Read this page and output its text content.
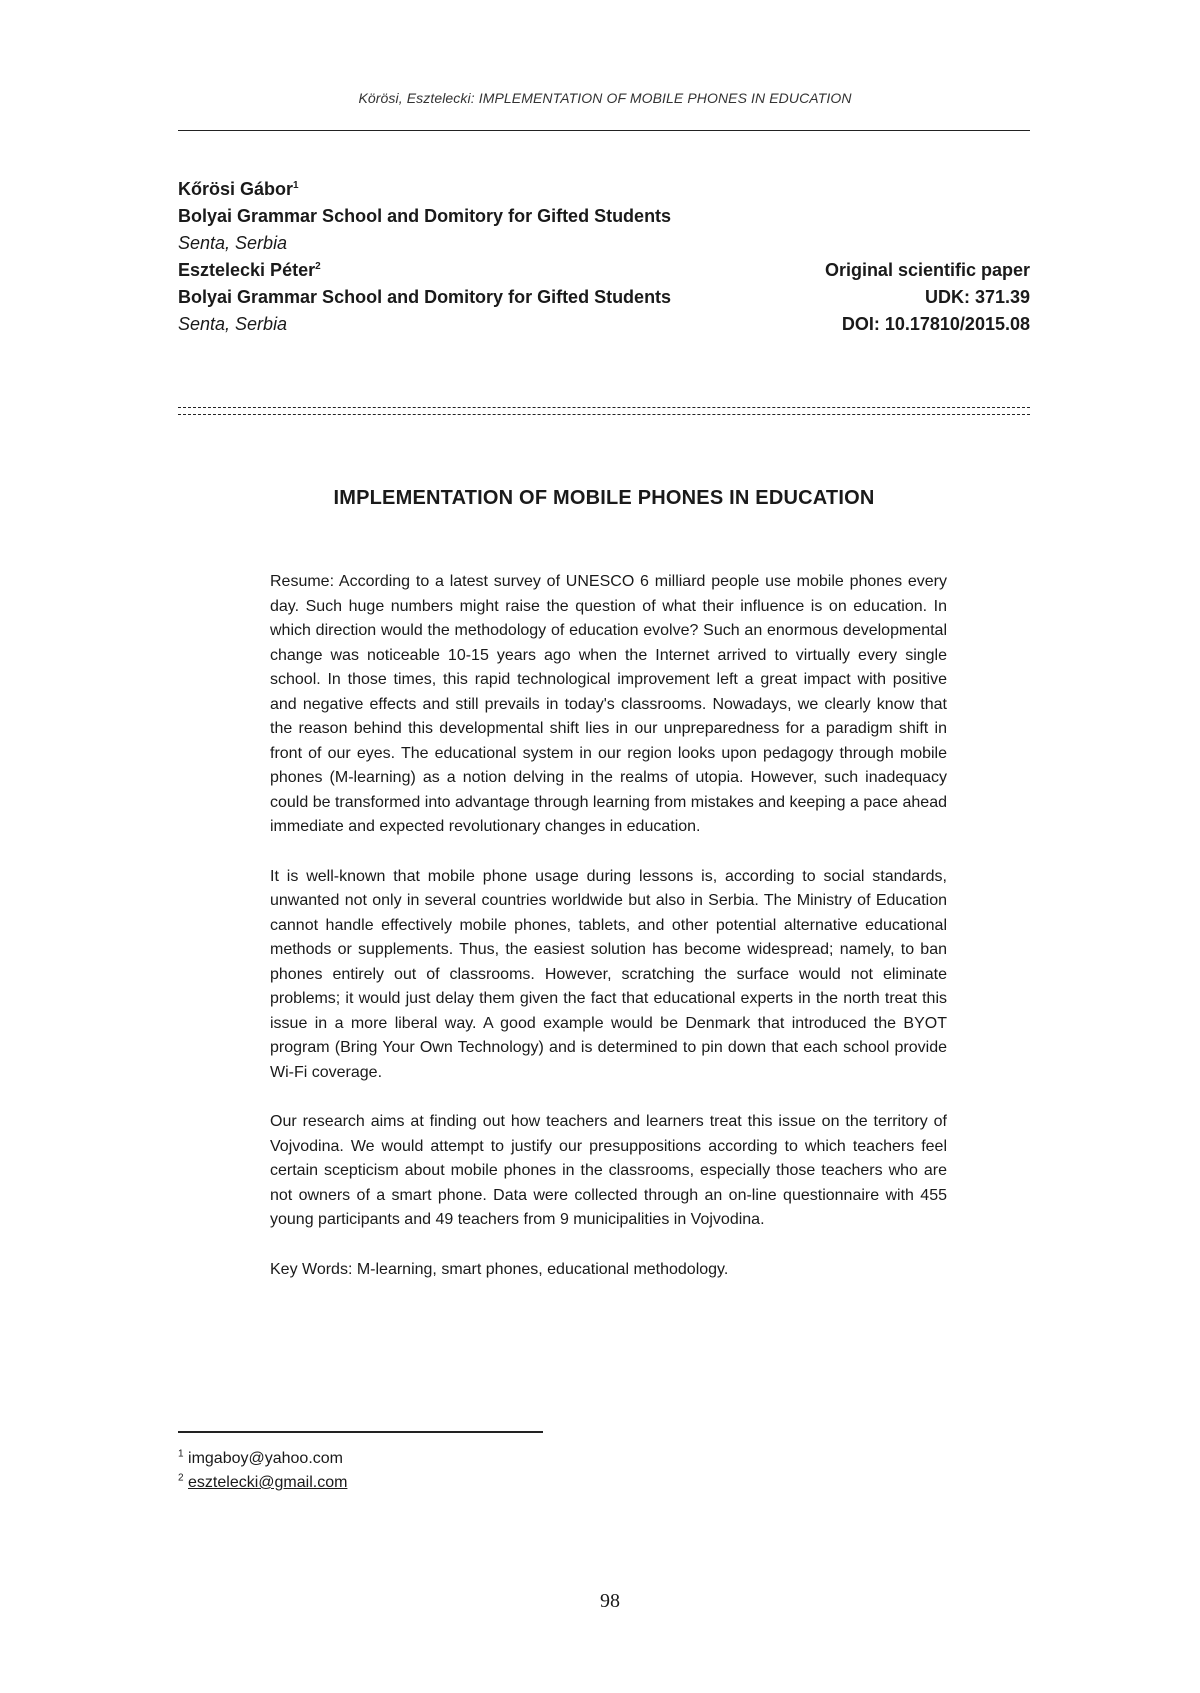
Körösi, Esztelecki: IMPLEMENTATION OF MOBILE PHONES IN EDUCATION
Kőrösi Gábor$^1$
Bolyai Grammar School and Domitory for Gifted Students
Senta, Serbia
Esztelecki Péter$^2$	Original scientific paper
Bolyai Grammar School and Domitory for Gifted Students	UDK: 371.39
Senta, Serbia	DOI: 10.17810/2015.08
IMPLEMENTATION OF MOBILE PHONES IN EDUCATION

Resume: According to a latest survey of UNESCO 6 milliard people use mobile phones every day. Such huge numbers might raise the question of what their influence is on education. In which direction would the methodology of education evolve? Such an enormous developmental change was noticeable 10-15 years ago when the Internet arrived to virtually every single school. In those times, this rapid technological improvement left a great impact with positive and negative effects and still prevails in today's classrooms. Nowadays, we clearly know that the reason behind this developmental shift lies in our unpreparedness for a paradigm shift in front of our eyes. The educational system in our region looks upon pedagogy through mobile phones (M-learning) as a notion delving in the realms of utopia. However, such inadequacy could be transformed into advantage through learning from mistakes and keeping a pace ahead immediate and expected revolutionary changes in education.

It is well-known that mobile phone usage during lessons is, according to social standards, unwanted not only in several countries worldwide but also in Serbia. The Ministry of Education cannot handle effectively mobile phones, tablets, and other potential alternative educational methods or supplements. Thus, the easiest solution has become widespread; namely, to ban phones entirely out of classrooms. However, scratching the surface would not eliminate problems; it would just delay them given the fact that educational experts in the north treat this issue in a more liberal way. A good example would be Denmark that introduced the BYOT program (Bring Your Own Technology) and is determined to pin down that each school provide Wi-Fi coverage.

Our research aims at finding out how teachers and learners treat this issue on the territory of Vojvodina. We would attempt to justify our presuppositions according to which teachers feel certain scepticism about mobile phones in the classrooms, especially those teachers who are not owners of a smart phone. Data were collected through an on-line questionnaire with 455 young participants and 49 teachers from 9 municipalities in Vojvodina.

Key Words: M-learning, smart phones, educational methodology.

$^1$ imgaboy@yahoo.com
$^2$ esztelecki@gmail.com
98
